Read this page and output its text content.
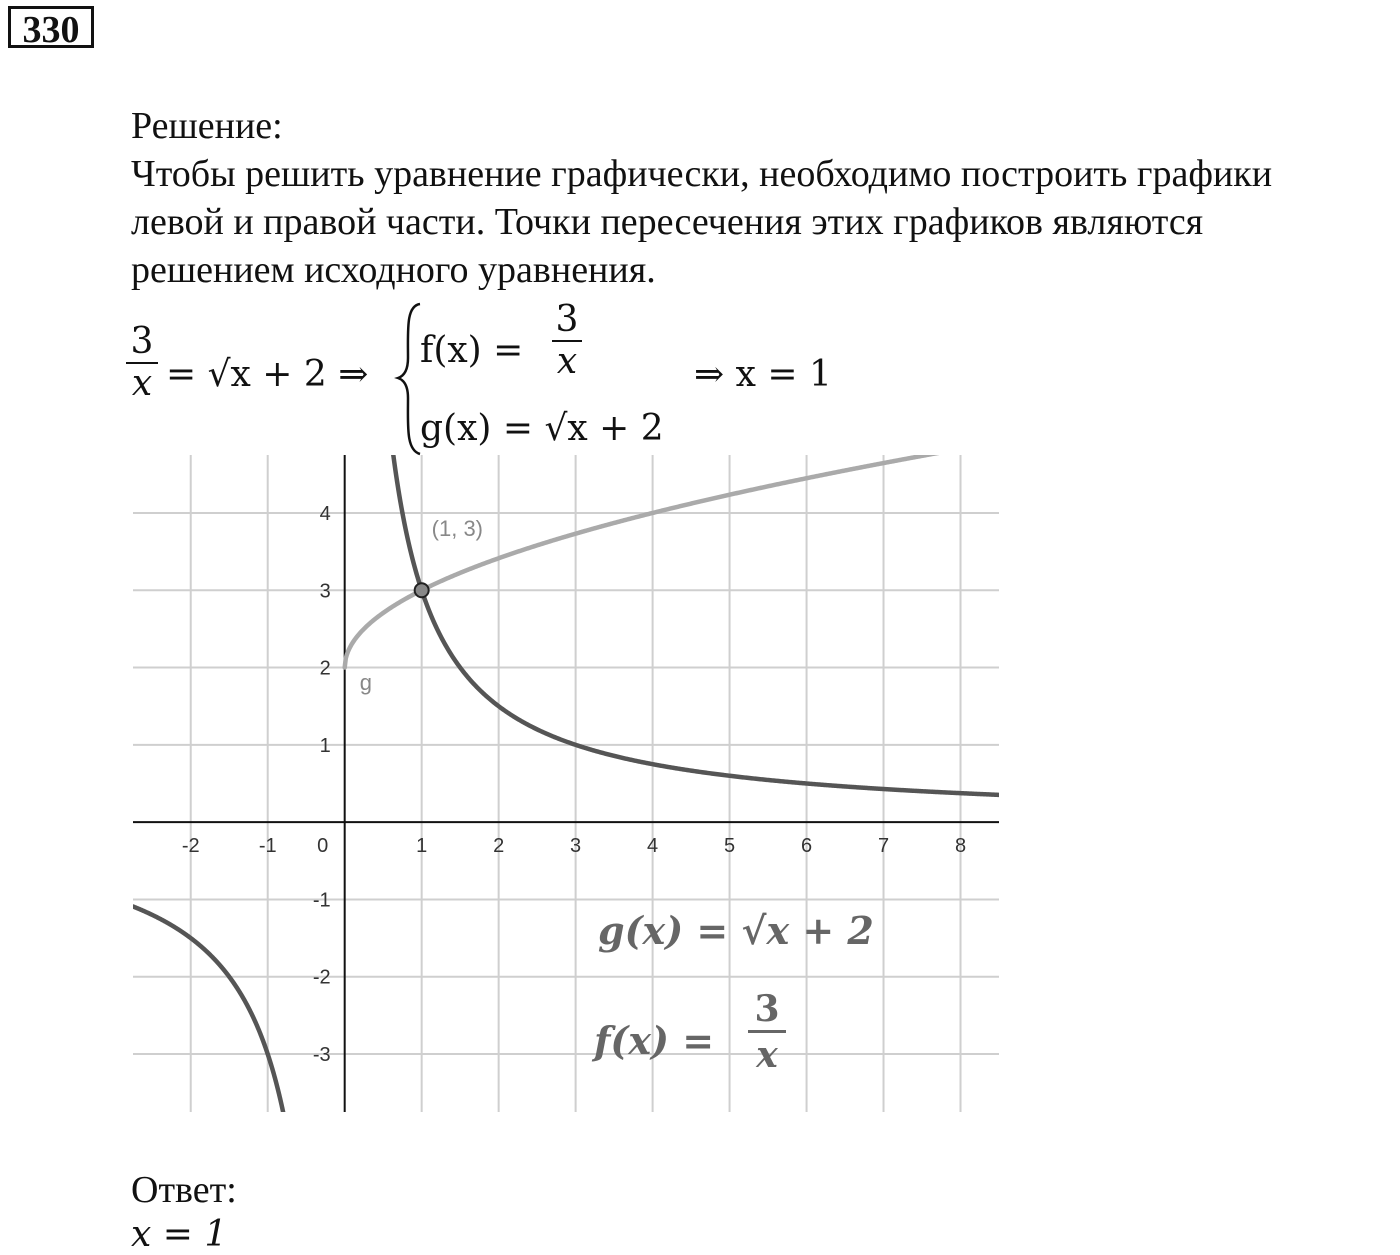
330
Решение:
Чтобы решить уравнение графически, необходимо построить графики
левой и правой части. Точки пересечения этих графиков являются
решением исходного уравнения.
3
x = √x + 2 ⇒
f(x) =
3
x
g(x) = √x + 2
⇒ x = 1
-2	-1 0	1	2	3	4	5	6	7	8
4
3
2
1
-1
-2
-3
(1, 3)
g
g(x) = √x + 2
f(x) =
3
x
Ответ:
x = 1
